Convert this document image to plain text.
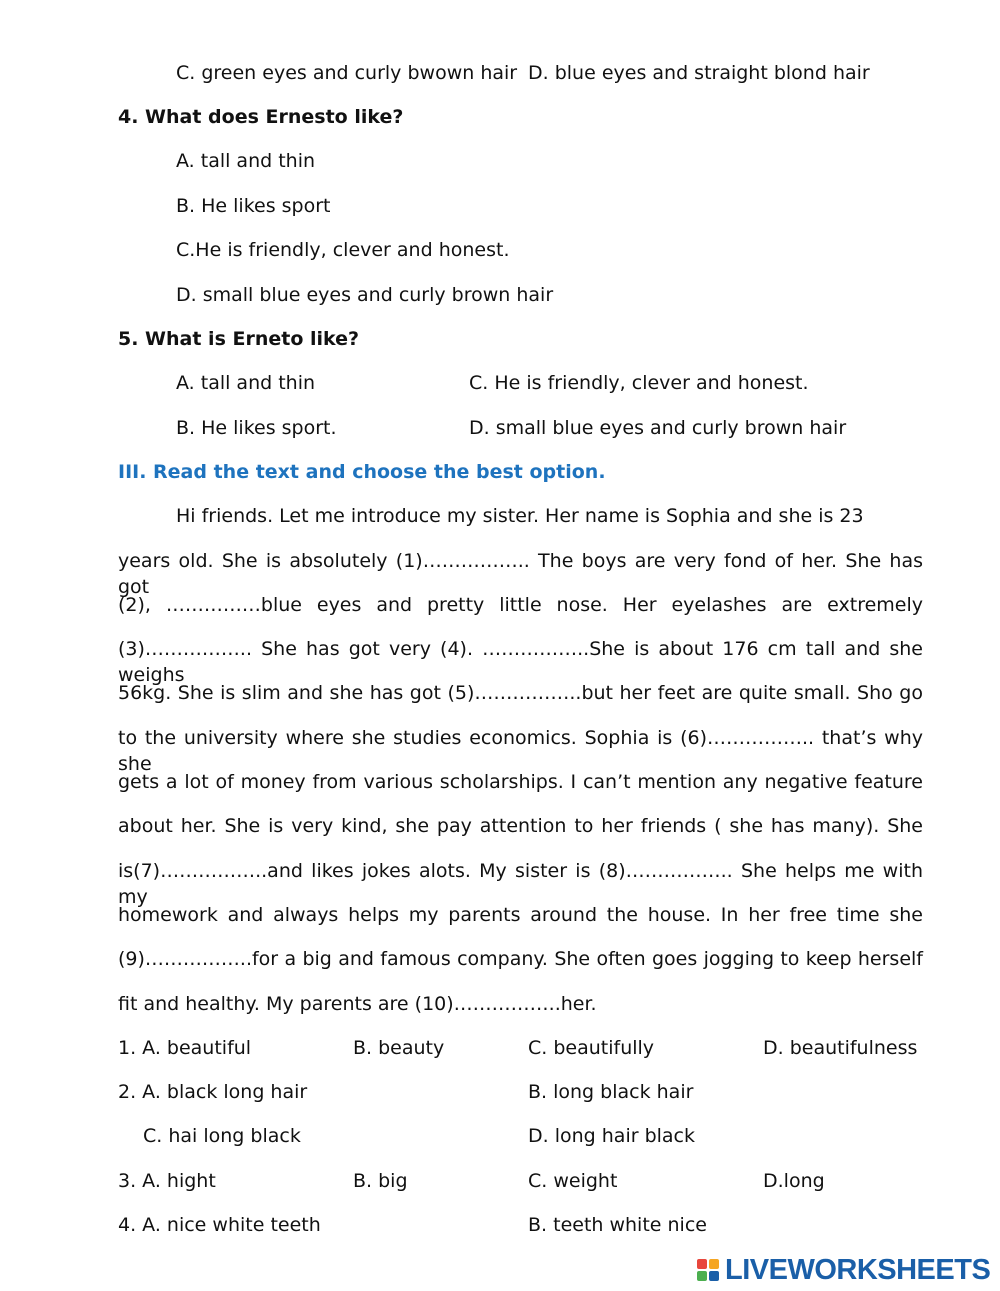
C. green eyes and curly bwown hair D. blue eyes and straight blond hair
4. What does Ernesto like?
A. tall and thin
B. He likes sport
C.He is friendly, clever and honest.
D. small blue eyes and curly brown hair
5. What is Erneto like?
A. tall and thin	C. He is friendly, clever and honest.
B. He likes sport.	D. small blue eyes and curly brown hair
III. Read the text and choose the best option.
Hi friends. Let me introduce my sister. Her name is Sophia and she is 23
years old. She is absolutely (1)…………….. The boys are very fond of her. She has got
(2), ……………blue eyes and pretty little nose. Her eyelashes are extremely
(3)…………….. She has got very (4). ……………..She is about 176 cm tall and she weighs
56kg. She is slim and she has got (5)……………..but her feet are quite small. Sho go
to the university where she studies economics. Sophia is (6)…………….. that’s why she
gets a lot of money from various scholarships. I can’t mention any negative feature
about her. She is very kind, she pay attention to her friends ( she has many). She
is(7)……………..and likes jokes alots. My sister is (8)…………….. She helps me with my
homework and always helps my parents around the house. In her free time she
(9)……………..for a big and famous company. She often goes jogging to keep herself
fit and healthy. My parents are (10)……………..her.
1. A. beautiful	B. beauty	C. beautifully	D. beautifulness
2. A. black long hair	B. long black hair
C. hai long black	D. long hair black
3. A. hight	B. big	C. weight	D.long
4. A. nice white teeth	B. teeth white nice
LIVEWORKSHEETS
